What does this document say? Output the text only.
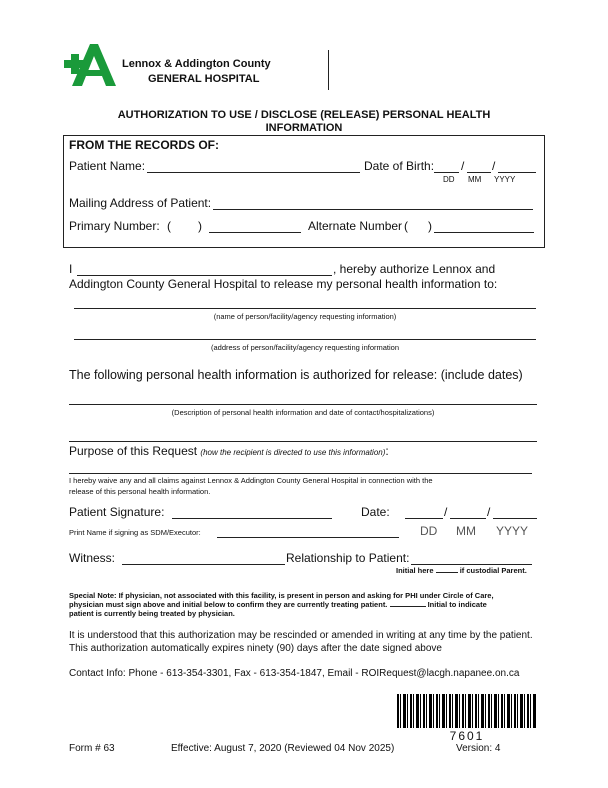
Lennox & Addington County
GENERAL HOSPITAL
AUTHORIZATION TO USE / DISCLOSE (RELEASE) PERSONAL HEALTH
INFORMATION
FROM THE RECORDS OF:
Patient Name:	Date of Birth: / /
DD MM YYYY
Mailing Address of Patient:
Primary Number: ( )	Alternate Number ( )
I	, hereby authorize Lennox and
Addington County General Hospital to release my personal health information to:
(name of person/facility/agency requesting information)
(address of person/facility/agency requesting information
The following personal health information is authorized for release: (include dates)
(Description of personal health information and date of contact/hospitalizations)
Purpose of this Request (how the recipient is directed to use this information):
I hereby waive any and all claims against Lennox & Addington County General Hospital in connection with the
release of this personal health information.
Patient Signature:	Date:	/	/
Print Name if signing as SDM/Executor:	DD MM YYYY
Witness:	Relationship to Patient:
Initial here	if custodial Parent.
Special Note: If physician, not associated with this facility, is present in person and asking for PHI under Circle of Care,
physician must sign above and initial below to confirm they are currently treating patient.	Initial to indicate
patient is currently being treated by physician.
It is understood that this authorization may be rescinded or amended in writing at any time by the patient.
This authorization automatically expires ninety (90) days after the date signed above
Contact Info: Phone - 613-354-3301, Fax - 613-354-1847, Email - ROIRequest@lacgh.napanee.on.ca
7601
Form # 63	Effective: August 7, 2020 (Reviewed 04 Nov 2025)	Version: 4
